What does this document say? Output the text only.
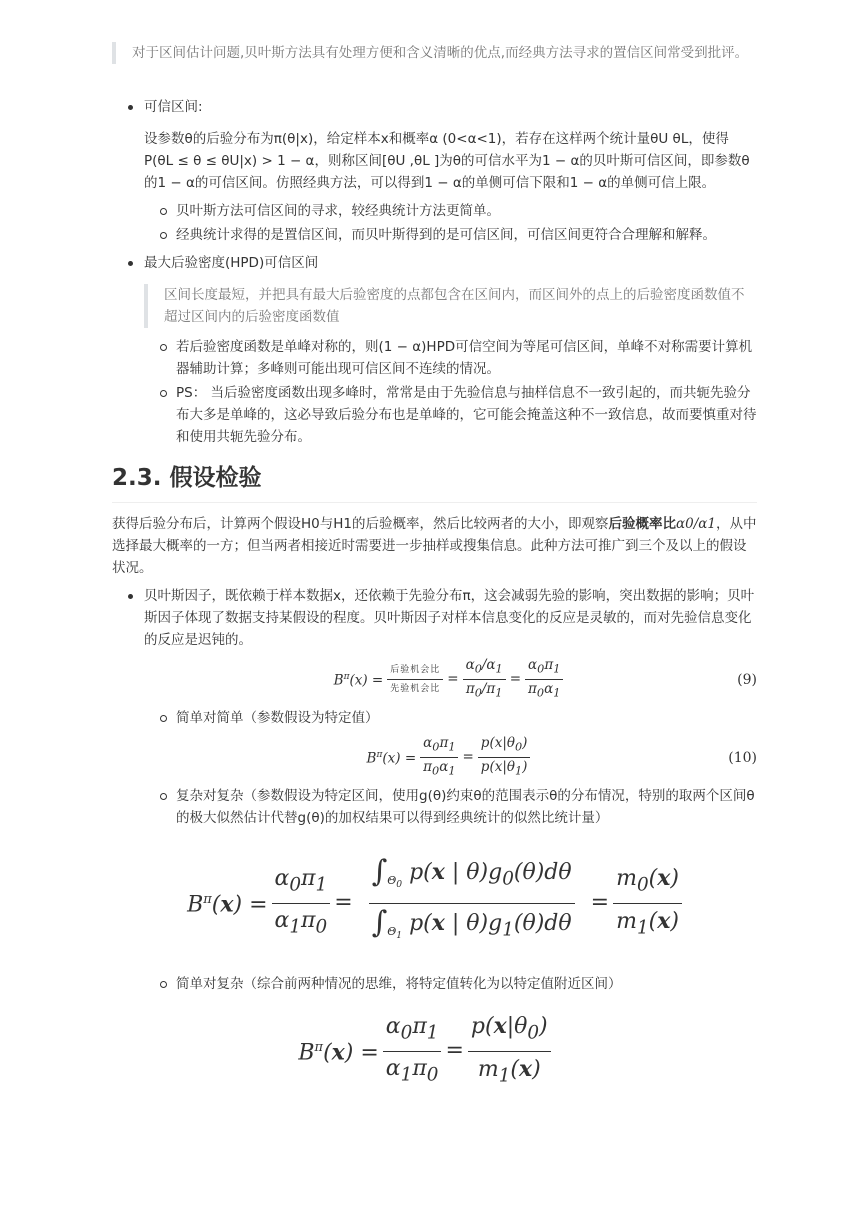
对于区间估计问题,贝叶斯方法具有处理方便和含义清晰的优点,而经典方法寻求的置信区间常受到批评。
可信区间:
设参数θ的后验分布为π(θ|x)，给定样本x和概率α (0<α<1)，若存在这样两个统计量θU θL，使得P(θL ≤ θ ≤ θU|x) > 1 − α，则称区间[θU ,θL ]为θ的可信水平为1 − α的贝叶斯可信区间，即参数θ的1 − α的可信区间。仿照经典方法，可以得到1 − α的单侧可信下限和1 − α的单侧可信上限。
贝叶斯方法可信区间的寻求，较经典统计方法更简单。
经典统计求得的是置信区间，而贝叶斯得到的是可信区间，可信区间更符合合理解和解释。
最大后验密度(HPD)可信区间
区间长度最短，并把具有最大后验密度的点都包含在区间内，而区间外的点上的后验密度函数值不超过区间内的后验密度函数值
若后验密度函数是单峰对称的，则(1 − α)HPD可信空间为等尾可信区间，单峰不对称需要计算机器辅助计算；多峰则可能出现可信区间不连续的情况。
PS： 当后验密度函数出现多峰时，常常是由于先验信息与抽样信息不一致引起的，而共轭先验分布大多是单峰的，这必导致后验分布也是单峰的，它可能会掩盖这种不一致信息，故而要慎重对待和使用共轭先验分布。
2.3. 假设检验
获得后验分布后，计算两个假设H0与H1的后验概率，然后比较两者的大小，即观察后验概率比α0/α1，从中选择最大概率的一方；但当两者相接近时需要进一步抽样或搜集信息。此种方法可推广到三个及以上的假设状况。
贝叶斯因子，既依赖于样本数据x，还依赖于先验分布π，这会减弱先验的影响，突出数据的影响；贝叶斯因子体现了数据支持某假设的程度。贝叶斯因子对样本信息变化的反应是灵敏的，而对先验信息变化的反应是迟钝的。
$B^\pi(x) = \frac{\text{后验机会比}}{\text{先验机会比}} = \frac{\alpha_0/\alpha_1}{\pi_0/\pi_1} = \frac{\alpha_0\pi_1}{\pi_0\alpha_1}$	(9)
简单对简单（参数假设为特定值）
$B^\pi(x) = \frac{\alpha_0\pi_1}{\pi_0\alpha_1} = \frac{p(x|\theta_0)}{p(x|\theta_1)}$	(10)
复杂对复杂（参数假设为特定区间，使用g(θ)约束θ的范围表示θ的分布情况，特别的取两个区间θ的极大似然估计代替g(θ)的加权结果可以得到经典统计的似然比统计量）
$B^\pi(x) = \frac{\alpha_0\pi_1}{\alpha_1\pi_0} = \frac{\int_{\Theta_0} p(x | \theta)g_0(\theta)d\theta}{\int_{\Theta_1} p(x | \theta)g_1(\theta)d\theta} = \frac{m_0(x)}{m_1(x)}$
简单对复杂（综合前两种情况的思维，将特定值转化为以特定值附近区间）
$B^\pi(x) = \frac{\alpha_0\pi_1}{\alpha_1\pi_0} = \frac{p(x|\theta_0)}{m_1(x)}$
